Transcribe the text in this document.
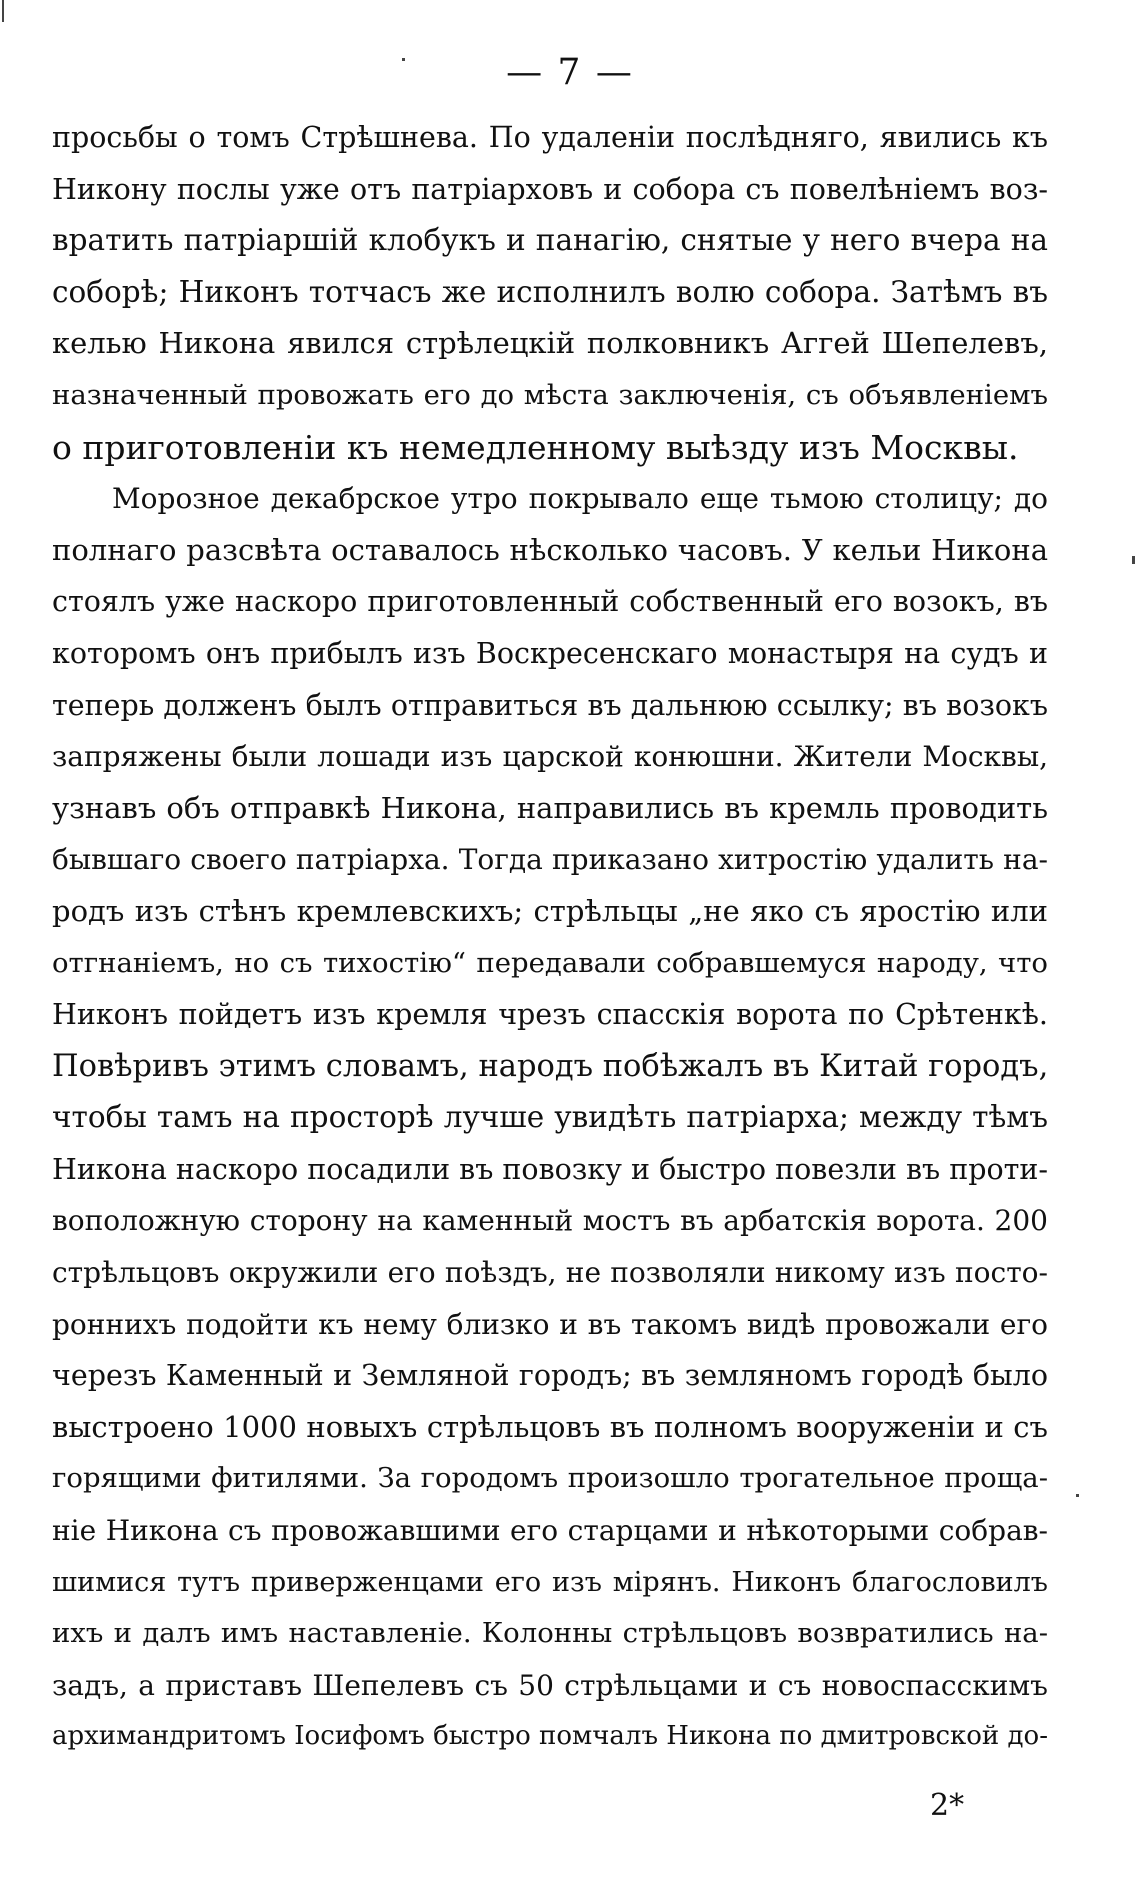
— 7 —
просьбы о томъ Стрѣшнева. По удаленіи послѣдняго, явились къ
Никону послы уже отъ патріарховъ и собора съ повелѣніемъ воз-
вратить патріаршій клобукъ и панагію, снятые у него вчера на
соборѣ; Никонъ тотчасъ же исполнилъ волю собора. Затѣмъ въ
келью Никона явился стрѣлецкій полковникъ Аггей Шепелевъ,
назначенный провожать его до мѣста заключенія, съ объявленіемъ
о приготовленіи къ немедленному выѣзду изъ Москвы.
Морозное декабрское утро покрывало еще тьмою столицу; до
полнаго разсвѣта оставалось нѣсколько часовъ. У кельи Никона
стоялъ уже наскоро приготовленный собственный его возокъ, въ
которомъ онъ прибылъ изъ Воскресенскаго монастыря на судъ и
теперь долженъ былъ отправиться въ дальнюю ссылку; въ возокъ
запряжены были лошади изъ царской конюшни. Жители Москвы,
узнавъ объ отправкѣ Никона, направились въ кремль проводить
бывшаго своего патріарха. Тогда приказано хитростію удалить на-
родъ изъ стѣнъ кремлевскихъ; стрѣльцы „не яко съ яростію или
отгнаніемъ, но съ тихостію“ передавали собравшемуся народу, что
Никонъ пойдетъ изъ кремля чрезъ спасскія ворота по Срѣтенкѣ.
Повѣривъ этимъ словамъ, народъ побѣжалъ въ Китай городъ,
чтобы тамъ на просторѣ лучше увидѣть патріарха; между тѣмъ
Никона наскоро посадили въ повозку и быстро повезли въ проти-
воположную сторону на каменный мостъ въ арбатскія ворота. 200
стрѣльцовъ окружили его поѣздъ, не позволяли никому изъ посто-
роннихъ подойти къ нему близко и въ такомъ видѣ провожали его
черезъ Каменный и Земляной городъ; въ земляномъ городѣ было
выстроено 1000 новыхъ стрѣльцовъ въ полномъ вооруженіи и съ
горящими фитилями. За городомъ произошло трогательное проща-
ніе Никона съ провожавшими его старцами и нѣкоторыми собрав-
шимися тутъ приверженцами его изъ мірянъ. Никонъ благословилъ
ихъ и далъ имъ наставленіе. Колонны стрѣльцовъ возвратились на-
задъ, а приставъ Шепелевъ съ 50 стрѣльцами и съ новоспасскимъ
архимандритомъ Іосифомъ быстро помчалъ Никона по дмитровской до-
2*
